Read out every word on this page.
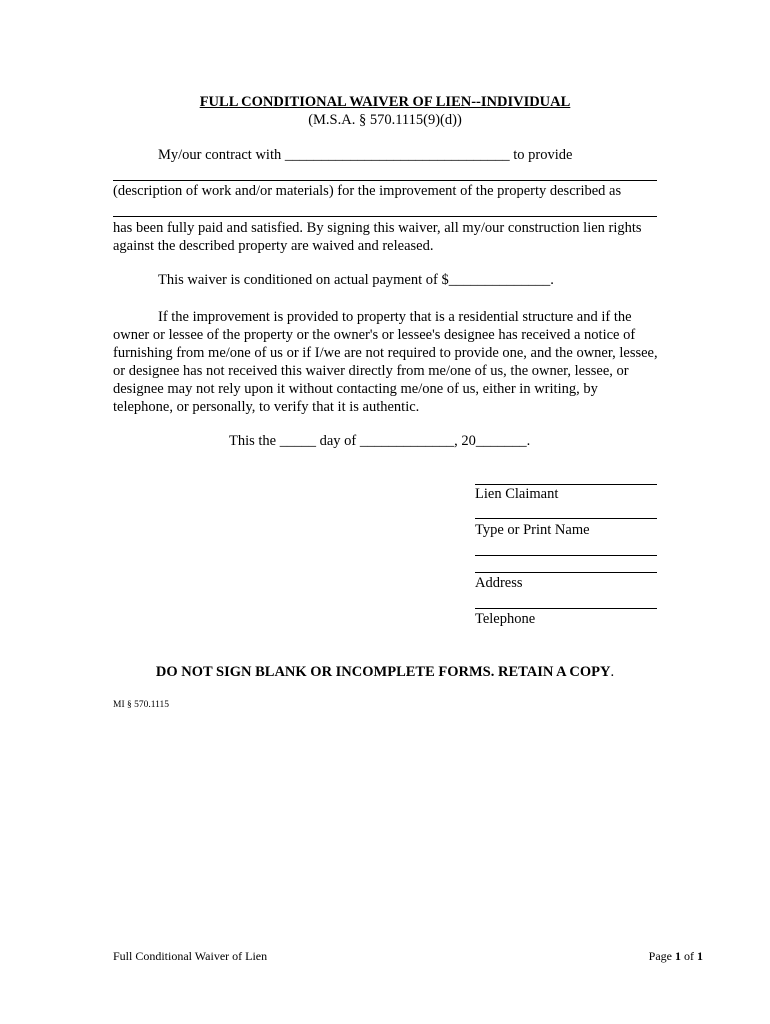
FULL CONDITIONAL WAIVER OF LIEN--INDIVIDUAL
(M.S.A. § 570.1115(9)(d))
My/our contract with _______________________________ to provide
(description of work and/or materials) for the improvement of the property described as
has been fully paid and satisfied. By signing this waiver, all my/our construction lien rights against the described property are waived and released.
This waiver is conditioned on actual payment of $______________.
If the improvement is provided to property that is a residential structure and if the owner or lessee of the property or the owner's or lessee's designee has received a notice of furnishing from me/one of us or if I/we are not required to provide one, and the owner, lessee, or designee has not received this waiver directly from me/one of us, the owner, lessee, or designee may not rely upon it without contacting me/one of us, either in writing, by telephone, or personally, to verify that it is authentic.
This the _____ day of _____________, 20_______.
Lien Claimant
Type or Print Name
Address
Telephone
DO NOT SIGN BLANK OR INCOMPLETE FORMS. RETAIN A COPY.
MI § 570.1115
Full Conditional Waiver of Lien	Page 1 of 1
